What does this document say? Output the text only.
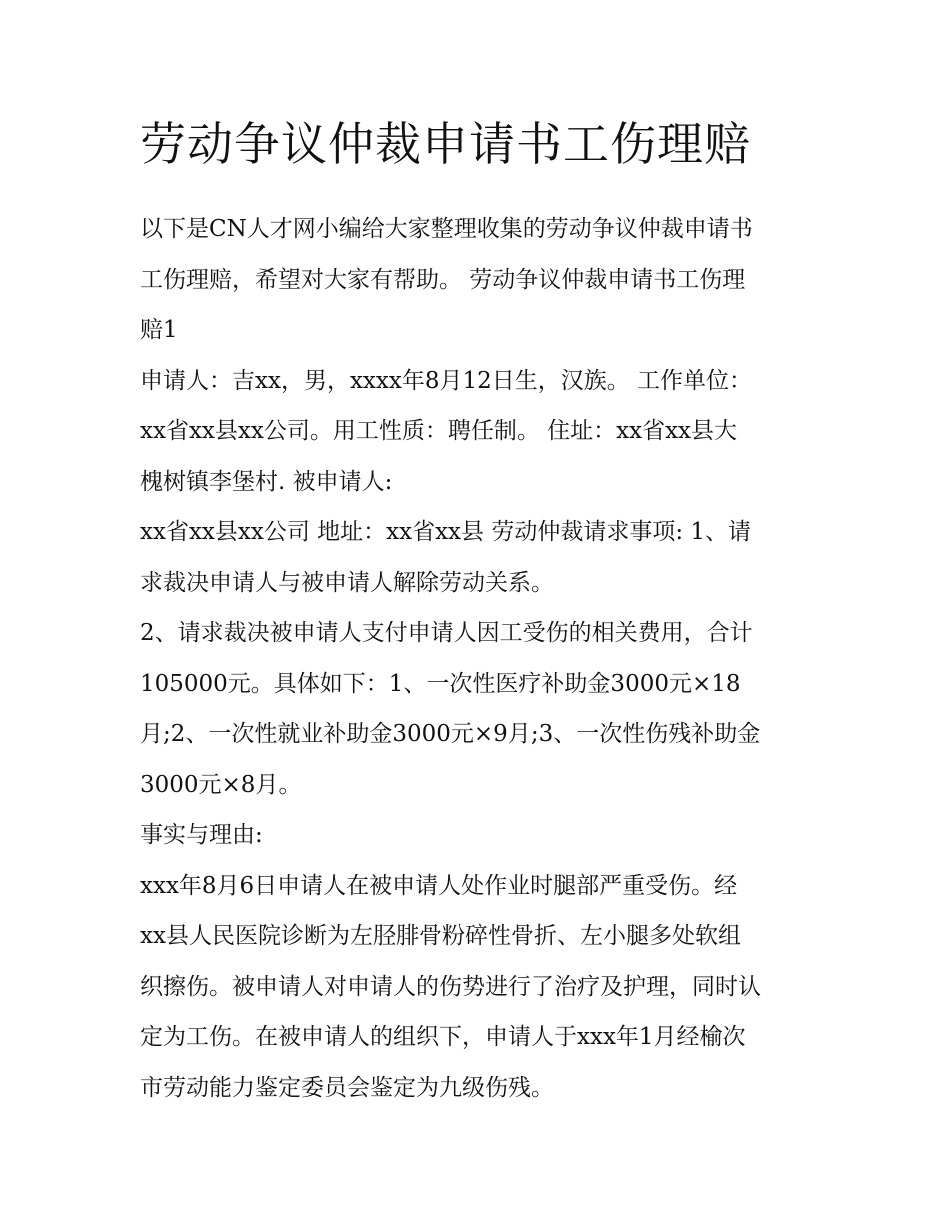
劳动争议仲裁申请书工伤理赔

以下是CN人才网小编给大家整理收集的劳动争议仲裁申请书
工伤理赔，希望对大家有帮助。 劳动争议仲裁申请书工伤理
赔1

申请人：吉xx，男，xxxx年8月12日生，汉族。 工作单位：
xx省xx县xx公司。用工性质：聘任制。 住址：xx省xx县大
槐树镇李堡村. 被申请人:

xx省xx县xx公司 地址：xx省xx县 劳动仲裁请求事项: 1、请
求裁决申请人与被申请人解除劳动关系。

2、请求裁决被申请人支付申请人因工受伤的相关费用，合计
105000元。具体如下：1、一次性医疗补助金3000元×18
月;2、一次性就业补助金3000元×9月;3、一次性伤残补助金
3000元×8月。

事实与理由:

xxx年8月6日申请人在被申请人处作业时腿部严重受伤。经
xx县人民医院诊断为左胫腓骨粉碎性骨折、左小腿多处软组
织擦伤。被申请人对申请人的伤势进行了治疗及护理，同时认
定为工伤。在被申请人的组织下，申请人于xxx年1月经榆次
市劳动能力鉴定委员会鉴定为九级伤残。
